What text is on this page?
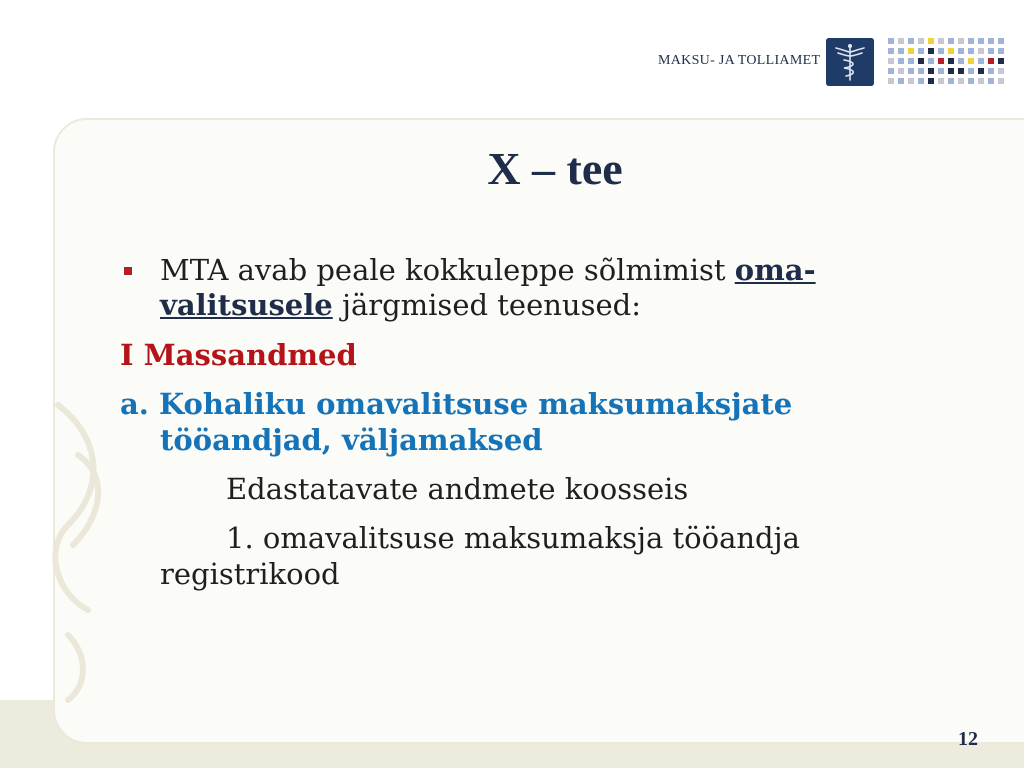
MAKSU- JA TOLLIAMET
X – tee
MTA avab peale kokkuleppe sõlmimist oma-valitsusele järgmised teenused:
I Massandmed
a. Kohaliku omavalitsuse maksumaksjate tööandjad, väljamaksed
Edastatavate andmete koosseis
1. omavalitsuse maksumaksja tööandja registrikood
12
